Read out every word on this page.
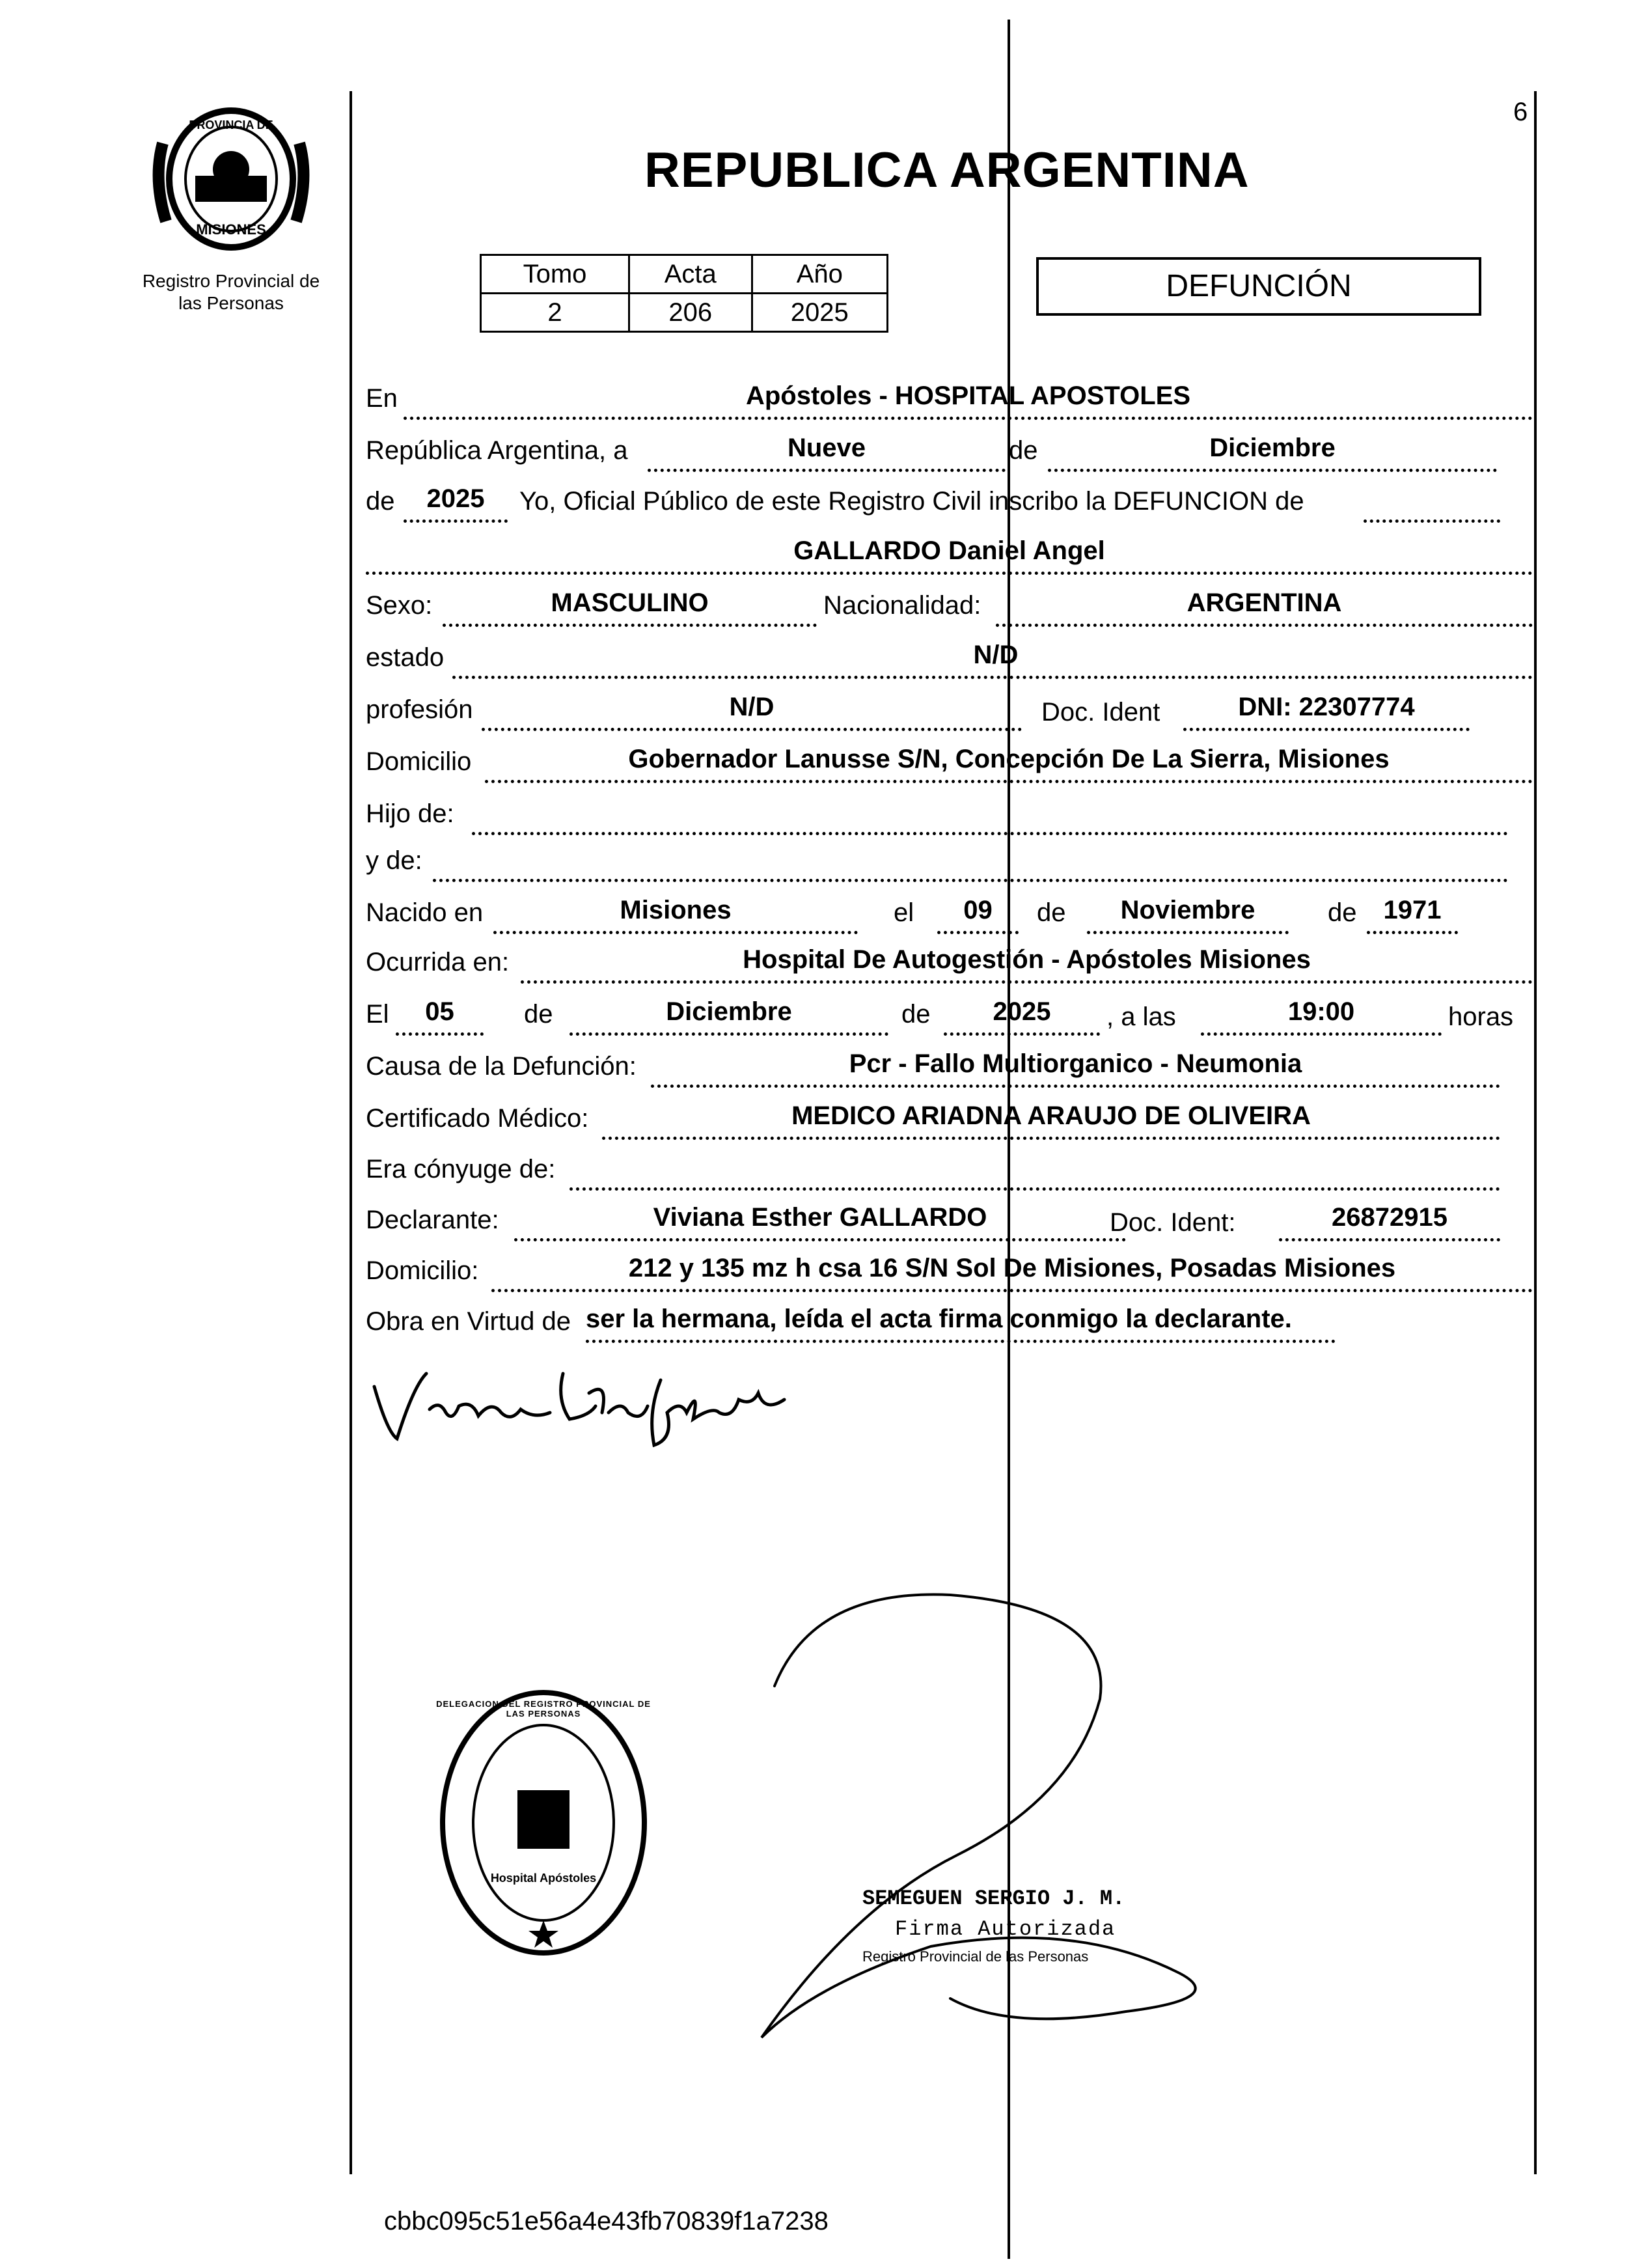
PROVINCIA DE
MISIONES
Registro Provincial de
las Personas
6
REPUBLICA ARGENTINA
Tomo	Acta	Año
2	206	2025
DEFUNCIÓN
En	Apóstoles - HOSPITAL APOSTOLES
República Argentina, a	Nueve	de	Diciembre
de	2025	Yo, Oficial Público de este Registro Civil inscribo la DEFUNCION de
GALLARDO Daniel Angel
Sexo:	MASCULINO	Nacionalidad:	ARGENTINA
estado	N/D
profesión	N/D	Doc. Ident	DNI: 22307774
Domicilio	Gobernador Lanusse S/N, Concepción De La Sierra, Misiones
Hijo de:
y de:
Nacido en	Misiones	el	09	de	Noviembre	de	1971
Ocurrida en:	Hospital De Autogestión - Apóstoles Misiones
El	05	de	Diciembre	de	2025	, a las	19:00	horas
Causa de la Defunción:	Pcr - Fallo Multiorganico - Neumonia
Certificado Médico:	MEDICO ARIADNA ARAUJO DE OLIVEIRA
Era cónyuge de:
Declarante:	Viviana Esther GALLARDO	Doc. Ident:	26872915
Domicilio:	212 y 135 mz h csa 16 S/N Sol De Misiones, Posadas Misiones
Obra en Virtud de ser la hermana, leída el acta firma conmigo la declarante.
DELEGACION DEL REGISTRO PROVINCIAL DE LAS PERSONAS
Hospital Apóstoles
SEMEGUEN SERGIO J. M.
Firma Autorizada
Registro Provincial de las Personas
cbbc095c51e56a4e43fb70839f1a7238
